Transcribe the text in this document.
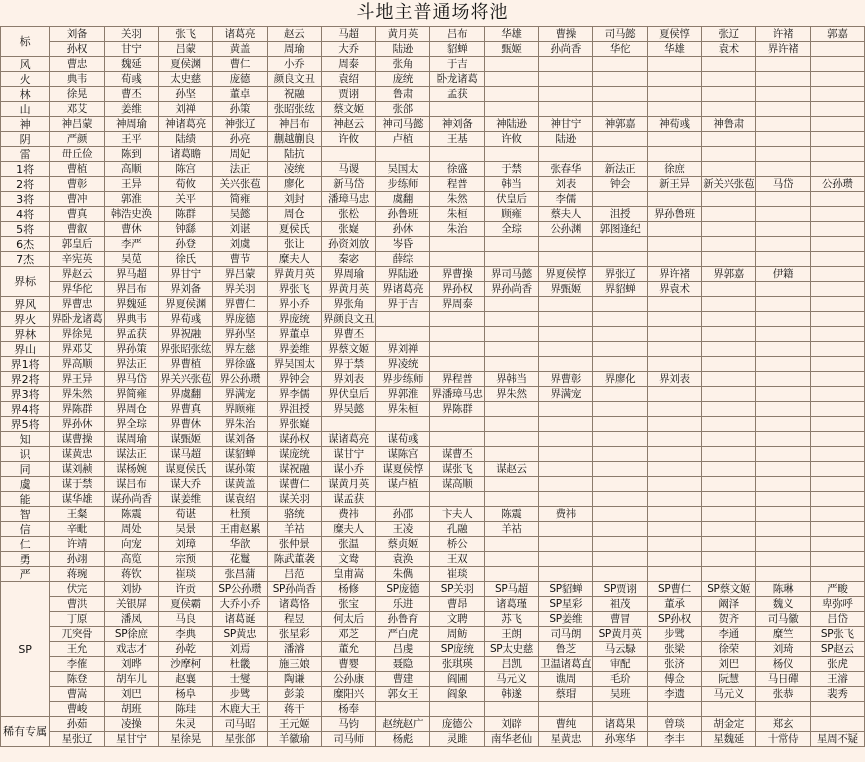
斗地主普通场将池
标	刘备	关羽	张飞	诸葛亮	赵云	马超	黄月英	吕布	华雄	曹操	司马懿	夏侯惇	张辽	许褚	郭嘉
	孙权	甘宁	吕蒙	黄盖	周瑜	大乔	陆逊	貂蝉	甄姬	孙尚香	华佗	华雄	袁术	界许褚	
风	曹忠	魏延	夏侯渊	曹仁	小乔	周泰	张角	于吉							
火	典韦	荀彧	太史慈	庞德	颜良文丑	袁绍	庞统	卧龙诸葛							
林	徐晃	曹丕	孙坚	董卓	祝融	贾诩	鲁肃	孟获							
山	邓艾	姜维	刘禅	孙策	张昭张纮	蔡文姬	张郃								
神	神吕蒙	神周瑜	神诸葛亮	神张辽	神吕布	神赵云	神司马懿	神刘备	神陆逊	神甘宁	神郭嘉	神荀彧	神鲁肃		
阴	严颜	王平	陆绩	孙亮	蒯越蒯良	许攸	卢植	王基	许攸	陆逊					
雷	毌丘俭	陈到	诸葛瞻	周妃	陆抗										
1将	曹植	高顺	陈宫	法正	凌统	马谡	吴国太	徐盛	于禁	张春华	新法正	徐庶			
2将	曹彰	王异	荀攸	关兴张苞	廖化	新马岱	步练师	程普	韩当	刘表	钟会	新王异	新关兴张苞	马岱	公孙瓒
3将	曹冲	郭淮	关平	简雍	刘封	潘璋马忠	虞翻	朱然	伏皇后	李儒					
4将	曹真	韩浩史涣	陈群	吴懿	周仓	张松	孙鲁班	朱桓	顾雍	蔡夫人	沮授	界孙鲁班			
5将	曹叡	曹休	钟繇	刘谌	夏侯氏	张嶷	孙休	朱治	全琮	公孙渊	郭图逢纪				
6杰	郭皇后	李严	孙登	刘虞	张让	孙资刘放	岑昏								
7杰	辛宪英	吴苋	徐氏	曹节	糜夫人	秦宓	薛综								
界标	界赵云	界马超	界甘宁	界吕蒙	界黄月英	界周瑜	界陆逊	界曹操	界司马懿	界夏侯惇	界张辽	界许褚	界郭嘉	伊籍	
	界华佗	界吕布	界刘备	界关羽	界张飞	界黄月英	界诸葛亮	界孙权	界孙尚香	界甄姬	界貂蝉	界袁术			
界风	界曹忠	界魏延	界夏侯渊	界曹仁	界小乔	界张角	界于吉	界周泰							
界火	界卧龙诸葛	界典韦	界荀彧	界庞德	界庞统	界颜良文丑									
界林	界徐晃	界孟获	界祝融	界孙坚	界董卓	界曹丕									
界山	界邓艾	界孙策	界张昭张纮	界左慈	界姜维	界蔡文姬	界刘禅								
界1将	界高顺	界法正	界曹植	界徐盛	界吴国太	界于禁	界凌统								
界2将	界王异	界马岱	界关兴张苞	界公孙瓒	界钟会	界刘表	界步练师	界程普	界韩当	界曹彰	界廖化	界刘表			
界3将	界朱然	界简雍	界虞翻	界满宠	界李儒	界伏皇后	界郭淮	界潘璋马忠	界朱然	界满宠					
界4将	界陈群	界周仓	界曹真	界顾雍	界沮授	界吴懿	界朱桓	界陈群							
界5将	界孙休	界全琮	界曹休	界朱治	界张嶷										
知	谋曹操	谋周瑜	谋甄姬	谋刘备	谋孙权	谋诸葛亮	谋荀彧								
识	谋黄忠	谋法正	谋马超	谋貂蝉	谋庞统	谋甘宁	谋陈宫	谋曹丕							
同	谋刘赪	谋杨婉	谋夏侯氏	谋孙策	谋祝融	谋小乔	谋夏侯惇	谋张飞	谋赵云						
虞	谋于禁	谋吕布	谋大乔	谋黄盖	谋曹仁	谋黄月英	谋卢植	谋高顺							
能	谋华雄	谋孙尚香	谋姜维	谋袁绍	谋关羽	谋孟获									
智	王粲	陈震	荀谌	杜预	骆统	费祎	孙邵	卞夫人	陈震	费祎					
信	辛毗	周处	吴景	王甫赵累	羊祜	糜夫人	王凌	孔融	羊祜						
仁	许靖	向宠	刘璋	华歆	张仲景	张温	蔡贞姬	桥公							
勇	孙翊	高览	宗预	花鬘	陈武董袭	文鸯	袁涣	王双							
严	蒋琬	蒋钦	崔琰	张昌蒲	吕范	皇甫嵩	朱儁	崔琰							
SP	伏完	刘协	许贡	SP公孙瓒	SP孙尚香	杨修	SP庞德	SP关羽	SP马超	SP貂蝉	SP贾诩	SP曹仁	SP蔡文姬	陈琳	严畯
	曹洪	关银屏	夏侯霸	大乔小乔	诸葛恪	张宝	乐进	曹昂	诸葛瑾	SP星彩	祖茂	董承	阚泽	魏义	卑弥呼
	丁原	潘凤	马良	诸葛诞	程昱	何太后	孙鲁育	文聘	苏飞	SP姜维	曹冒	SP孙权	贺齐	司马徽	吕岱
	兀突骨	SP徐庶	李典	SP黄忠	张星彩	邓芝	严白虎	周鲂	王朗	司马朗	SP黄月英	步骘	李通	糜竺	SP张飞
	王允	戏志才	孙乾	刘焉	潘濬	董允	吕虔	SP庞统	SP太史慈	鲁芝	马云騄	张梁	徐荣	刘琦	SP赵云
	李傕	刘晔	沙摩柯	杜畿	施三娘	曹婴	聂隐	张琪瑛	吕凯	卫温诸葛直	审配	张济	刘巴	杨仪	张虎
	陈登	胡车儿	赵襄	士燮	陶谦	公孙康	曹建	阎圃	马元义	谯周	毛玠	傅佥	阮慧	马日磾	王濬
	曹嵩	刘巴	杨阜	步骘	彭羕	糜阳兴	郭女王	阎象	韩遂	蔡瑁	吴班	李遗	马元义	张恭	裴秀
	曹峻	胡班	陈珪	木鹿大王	蒋干	杨奉									
稀有专属	孙茹	凌操	朱灵	司马昭	王元姬	马钧	赵统赵广	庞德公	刘辟	曹纯	诸葛果	曾琰	胡金定	郑玄	
	星张辽	星甘宁	星徐晃	星张郃	羊徽瑜	司马师	杨彪	灵雎	南华老仙	星黄忠	孙寒华	李丰	星魏延	十常侍	星周不疑
